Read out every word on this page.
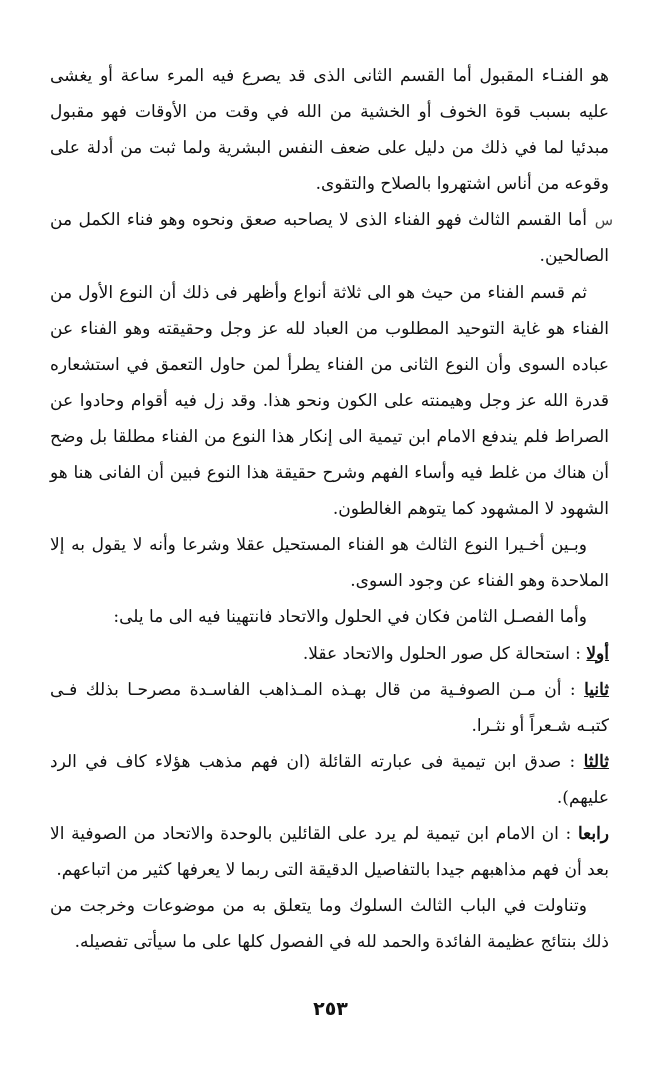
هو الفنـاء المقبول أما القسم الثانى الذى قد يصرع فيه المرء ساعة أو يغشى عليه بسبب قوة الخوف أو الخشية من الله في وقت من الأوقات فهو مقبول مبدئيا لما في ذلك من دليل على ضعف النفس البشرية ولما ثبت من أدلة على وقوعه من أناس اشتهروا بالصلاح والتقوى.

س
أما القسم الثالث فهو الفناء الذى لا يصاحبه صعق ونحوه وهو فناء الكمل من الصالحين.

ثم قسم الفناء من حيث هو الى ثلاثة أنواع وأظهر فى ذلك أن النوع الأول من الفناء هو غاية التوحيد المطلوب من العباد لله عز وجل وحقيقته وهو الفناء عن عباده السوى وأن النوع الثانى من الفناء يطرأ لمن حاول التعمق في استشعاره قدرة الله عز وجل وهيمنته على الكون ونحو هذا. وقد زل فيه أقوام وحادوا عن الصراط فلم يندفع الامام ابن تيمية الى إنكار هذا النوع من الفناء مطلقا بل وضح أن هناك من غلط فيه وأساء الفهم وشرح حقيقة هذا النوع فبين أن الفانى هنا هو الشهود لا المشهود كما يتوهم الغالطون.

وبـين أخـيرا النوع الثالث هو الفناء المستحيل عقلا وشرعا وأنه لا يقول به إلا الملاحدة وهو الفناء عن وجود السوى.

وأما الفصـل الثامن فكان في الحلول والاتحاد فانتهينا فيه الى ما يلى:

أولا : استحالة كل صور الحلول والاتحاد عقلا.

ثانيا : أن مـن الصوفـية من قال بهـذه المـذاهب الفاسـدة مصرحـا بذلك فـى كتبـه شـعراً أو نثـرا.

ثالثا : صدق ابن تيمية فى عبارته القائلة (ان فهم مذهب هؤلاء كاف في الرد عليهم).

رابعا : ان الامام ابن تيمية لم يرد على القائلين بالوحدة والاتحاد من الصوفية الا بعد أن فهم مذاهبهم جيدا بالتفاصيل الدقيقة التى ربما لا يعرفها كثير من اتباعهم.

وتناولت في الباب الثالث السلوك وما يتعلق به من موضوعات وخرجت من ذلك بنتائج عظيمة الفائدة والحمد لله في الفصول كلها على ما سيأتى تفصيله.

٢٥٣
